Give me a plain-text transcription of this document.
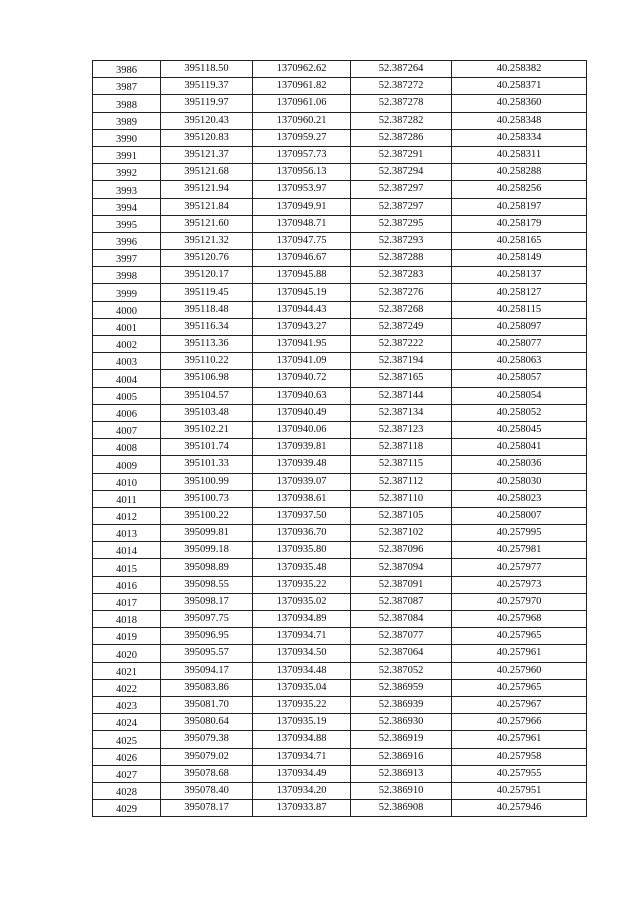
3986	395118.50	1370962.62	52.387264	40.258382
3987	395119.37	1370961.82	52.387272	40.258371
3988	395119.97	1370961.06	52.387278	40.258360
3989	395120.43	1370960.21	52.387282	40.258348
3990	395120.83	1370959.27	52.387286	40.258334
3991	395121.37	1370957.73	52.387291	40.258311
3992	395121.68	1370956.13	52.387294	40.258288
3993	395121.94	1370953.97	52.387297	40.258256
3994	395121.84	1370949.91	52.387297	40.258197
3995	395121.60	1370948.71	52.387295	40.258179
3996	395121.32	1370947.75	52.387293	40.258165
3997	395120.76	1370946.67	52.387288	40.258149
3998	395120.17	1370945.88	52.387283	40.258137
3999	395119.45	1370945.19	52.387276	40.258127
4000	395118.48	1370944.43	52.387268	40.258115
4001	395116.34	1370943.27	52.387249	40.258097
4002	395113.36	1370941.95	52.387222	40.258077
4003	395110.22	1370941.09	52.387194	40.258063
4004	395106.98	1370940.72	52.387165	40.258057
4005	395104.57	1370940.63	52.387144	40.258054
4006	395103.48	1370940.49	52.387134	40.258052
4007	395102.21	1370940.06	52.387123	40.258045
4008	395101.74	1370939.81	52.387118	40.258041
4009	395101.33	1370939.48	52.387115	40.258036
4010	395100.99	1370939.07	52.387112	40.258030
4011	395100.73	1370938.61	52.387110	40.258023
4012	395100.22	1370937.50	52.387105	40.258007
4013	395099.81	1370936.70	52.387102	40.257995
4014	395099.18	1370935.80	52.387096	40.257981
4015	395098.89	1370935.48	52.387094	40.257977
4016	395098.55	1370935.22	52.387091	40.257973
4017	395098.17	1370935.02	52.387087	40.257970
4018	395097.75	1370934.89	52.387084	40.257968
4019	395096.95	1370934.71	52.387077	40.257965
4020	395095.57	1370934.50	52.387064	40.257961
4021	395094.17	1370934.48	52.387052	40.257960
4022	395083.86	1370935.04	52.386959	40.257965
4023	395081.70	1370935.22	52.386939	40.257967
4024	395080.64	1370935.19	52.386930	40.257966
4025	395079.38	1370934.88	52.386919	40.257961
4026	395079.02	1370934.71	52.386916	40.257958
4027	395078.68	1370934.49	52.386913	40.257955
4028	395078.40	1370934.20	52.386910	40.257951
4029	395078.17	1370933.87	52.386908	40.257946
